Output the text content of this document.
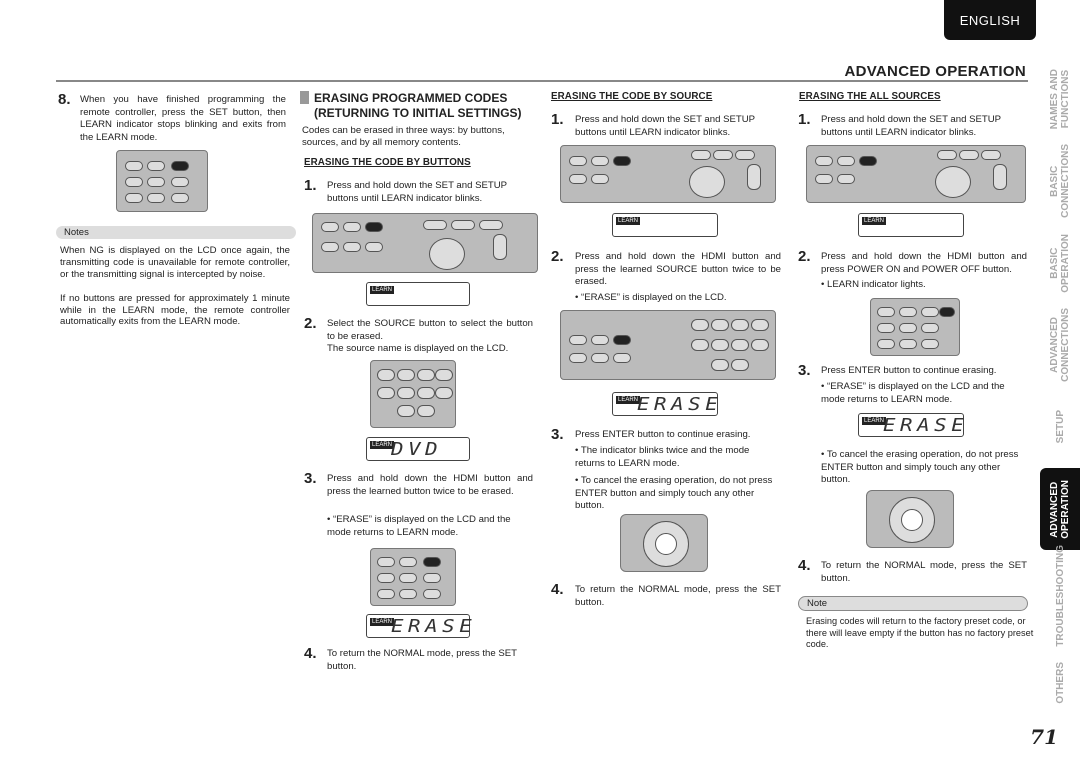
ENGLISH
ADVANCED OPERATION
NAMES AND
FUNCTIONS
BASIC
CONNECTIONS
BASIC
OPERATION
ADVANCED
CONNECTIONS
SETUP
ADVANCED
OPERATION
TROUBLESHOOTING
OTHERS
8. When you have finished programming the remote controller, press the SET button, then LEARN indicator stops blinking and exits from the LEARN mode.
Notes
When NG is displayed on the LCD once again, the transmitting code is unavailable for remote controller, or the transmitting signal is intercepted by noise.
If no buttons are pressed for approximately 1 minute while in the LEARN mode, the remote controller automatically exits from the LEARN mode.
ERASING PROGRAMMED CODES
(RETURNING TO INITIAL SETTINGS)
Codes can be erased in three ways: by buttons, sources, and by all memory contents.
ERASING THE CODE BY BUTTONS
1. Press and hold down the SET and SETUP buttons until LEARN indicator blinks.
LEARN
2. Select the SOURCE button to select the button to be erased.
The source name is displayed on the LCD.
LEARN
DVD
3. Press and hold down the HDMI button and press the learned button twice to be erased.
• “ERASE” is displayed on the LCD and the mode returns to LEARN mode.
LEARN
ERASE
4. To return the NORMAL mode, press the SET button.
ERASING THE CODE BY SOURCE
1. Press and hold down the SET and SETUP buttons until LEARN indicator blinks.
LEARN
2. Press and hold down the HDMI button and press the learned SOURCE button twice to be erased.
• “ERASE” is displayed on the LCD.
LEARN
ERASE
3. Press ENTER button to continue erasing.
• The indicator blinks twice and the mode returns to LEARN mode.
• To cancel the erasing operation, do not press ENTER button and simply touch any other button.
4. To return the NORMAL mode, press the SET button.
ERASING THE ALL SOURCES
1. Press and hold down the SET and SETUP buttons until LEARN indicator blinks.
LEARN
2. Press and hold down the HDMI button and press POWER ON and POWER OFF button.
• LEARN indicator lights.
3. Press ENTER button to continue erasing.
• “ERASE” is displayed on the LCD and the mode returns to LEARN mode.
LEARN
ERASE
• To cancel the erasing operation, do not press ENTER button and simply touch any other button.
4. To return the NORMAL mode, press the SET button.
Note
Erasing codes will return to the factory preset code, or there will leave empty if the button has no factory preset code.
71
